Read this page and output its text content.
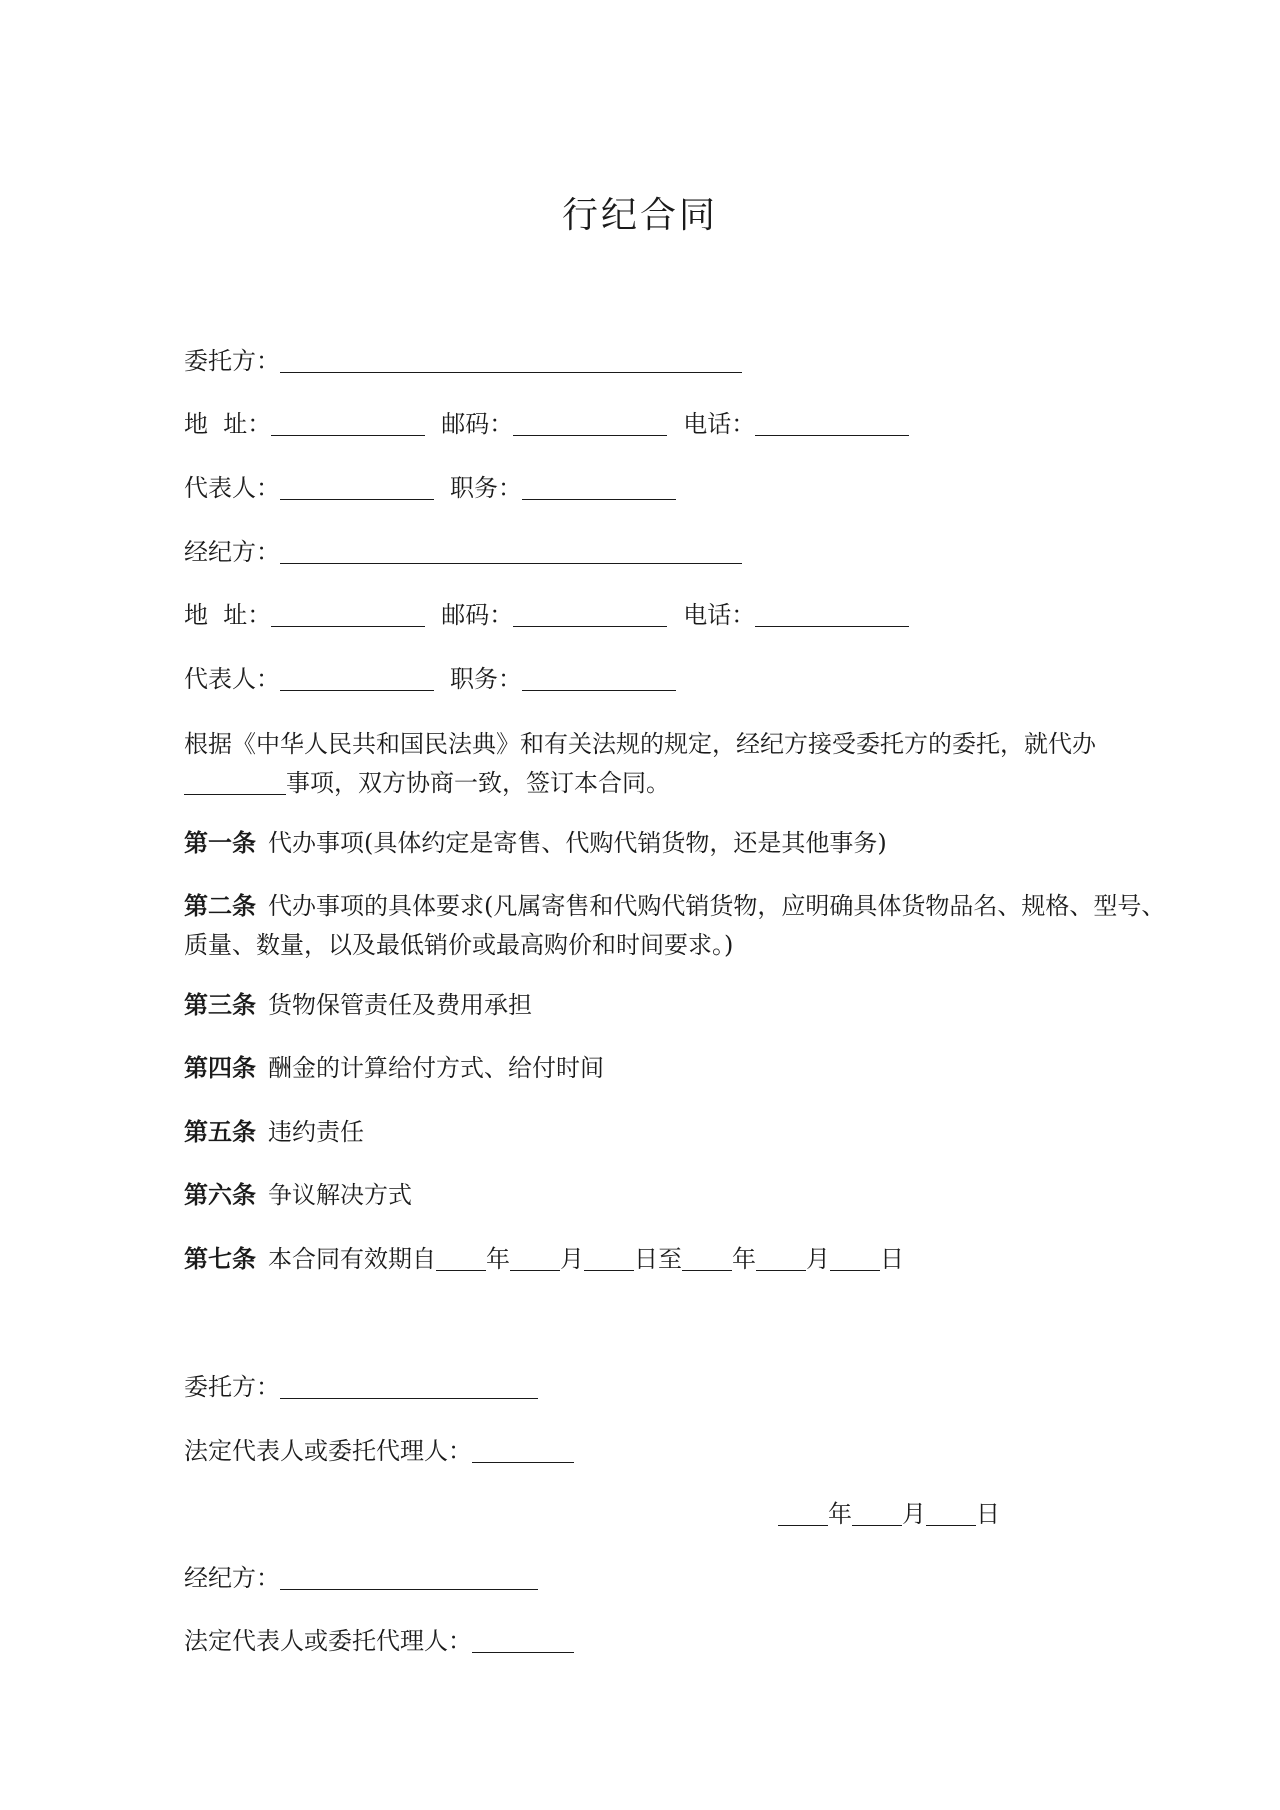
行纪合同
委托方：
地  址：	邮码：	电话：
代表人：	职务：
经纪方：
地  址：	邮码：	电话：
代表人：	职务：
根据《中华人民共和国民法典》和有关法规的规定，经纪方接受委托方的委托，就代办事项，双方协商一致，签订本合同。
第一条 代办事项(具体约定是寄售、代购代销货物，还是其他事务)
第二条 代办事项的具体要求(凡属寄售和代购代销货物，应明确具体货物品名、规格、型号、质量、数量，以及最低销价或最高购价和时间要求。)
第三条 货物保管责任及费用承担
第四条 酬金的计算给付方式、给付时间
第五条 违约责任
第六条 争议解决方式
第七条 本合同有效期自 年 月 日至 年 月 日
委托方：
法定代表人或委托代理人：
年 月 日
经纪方：
法定代表人或委托代理人：
